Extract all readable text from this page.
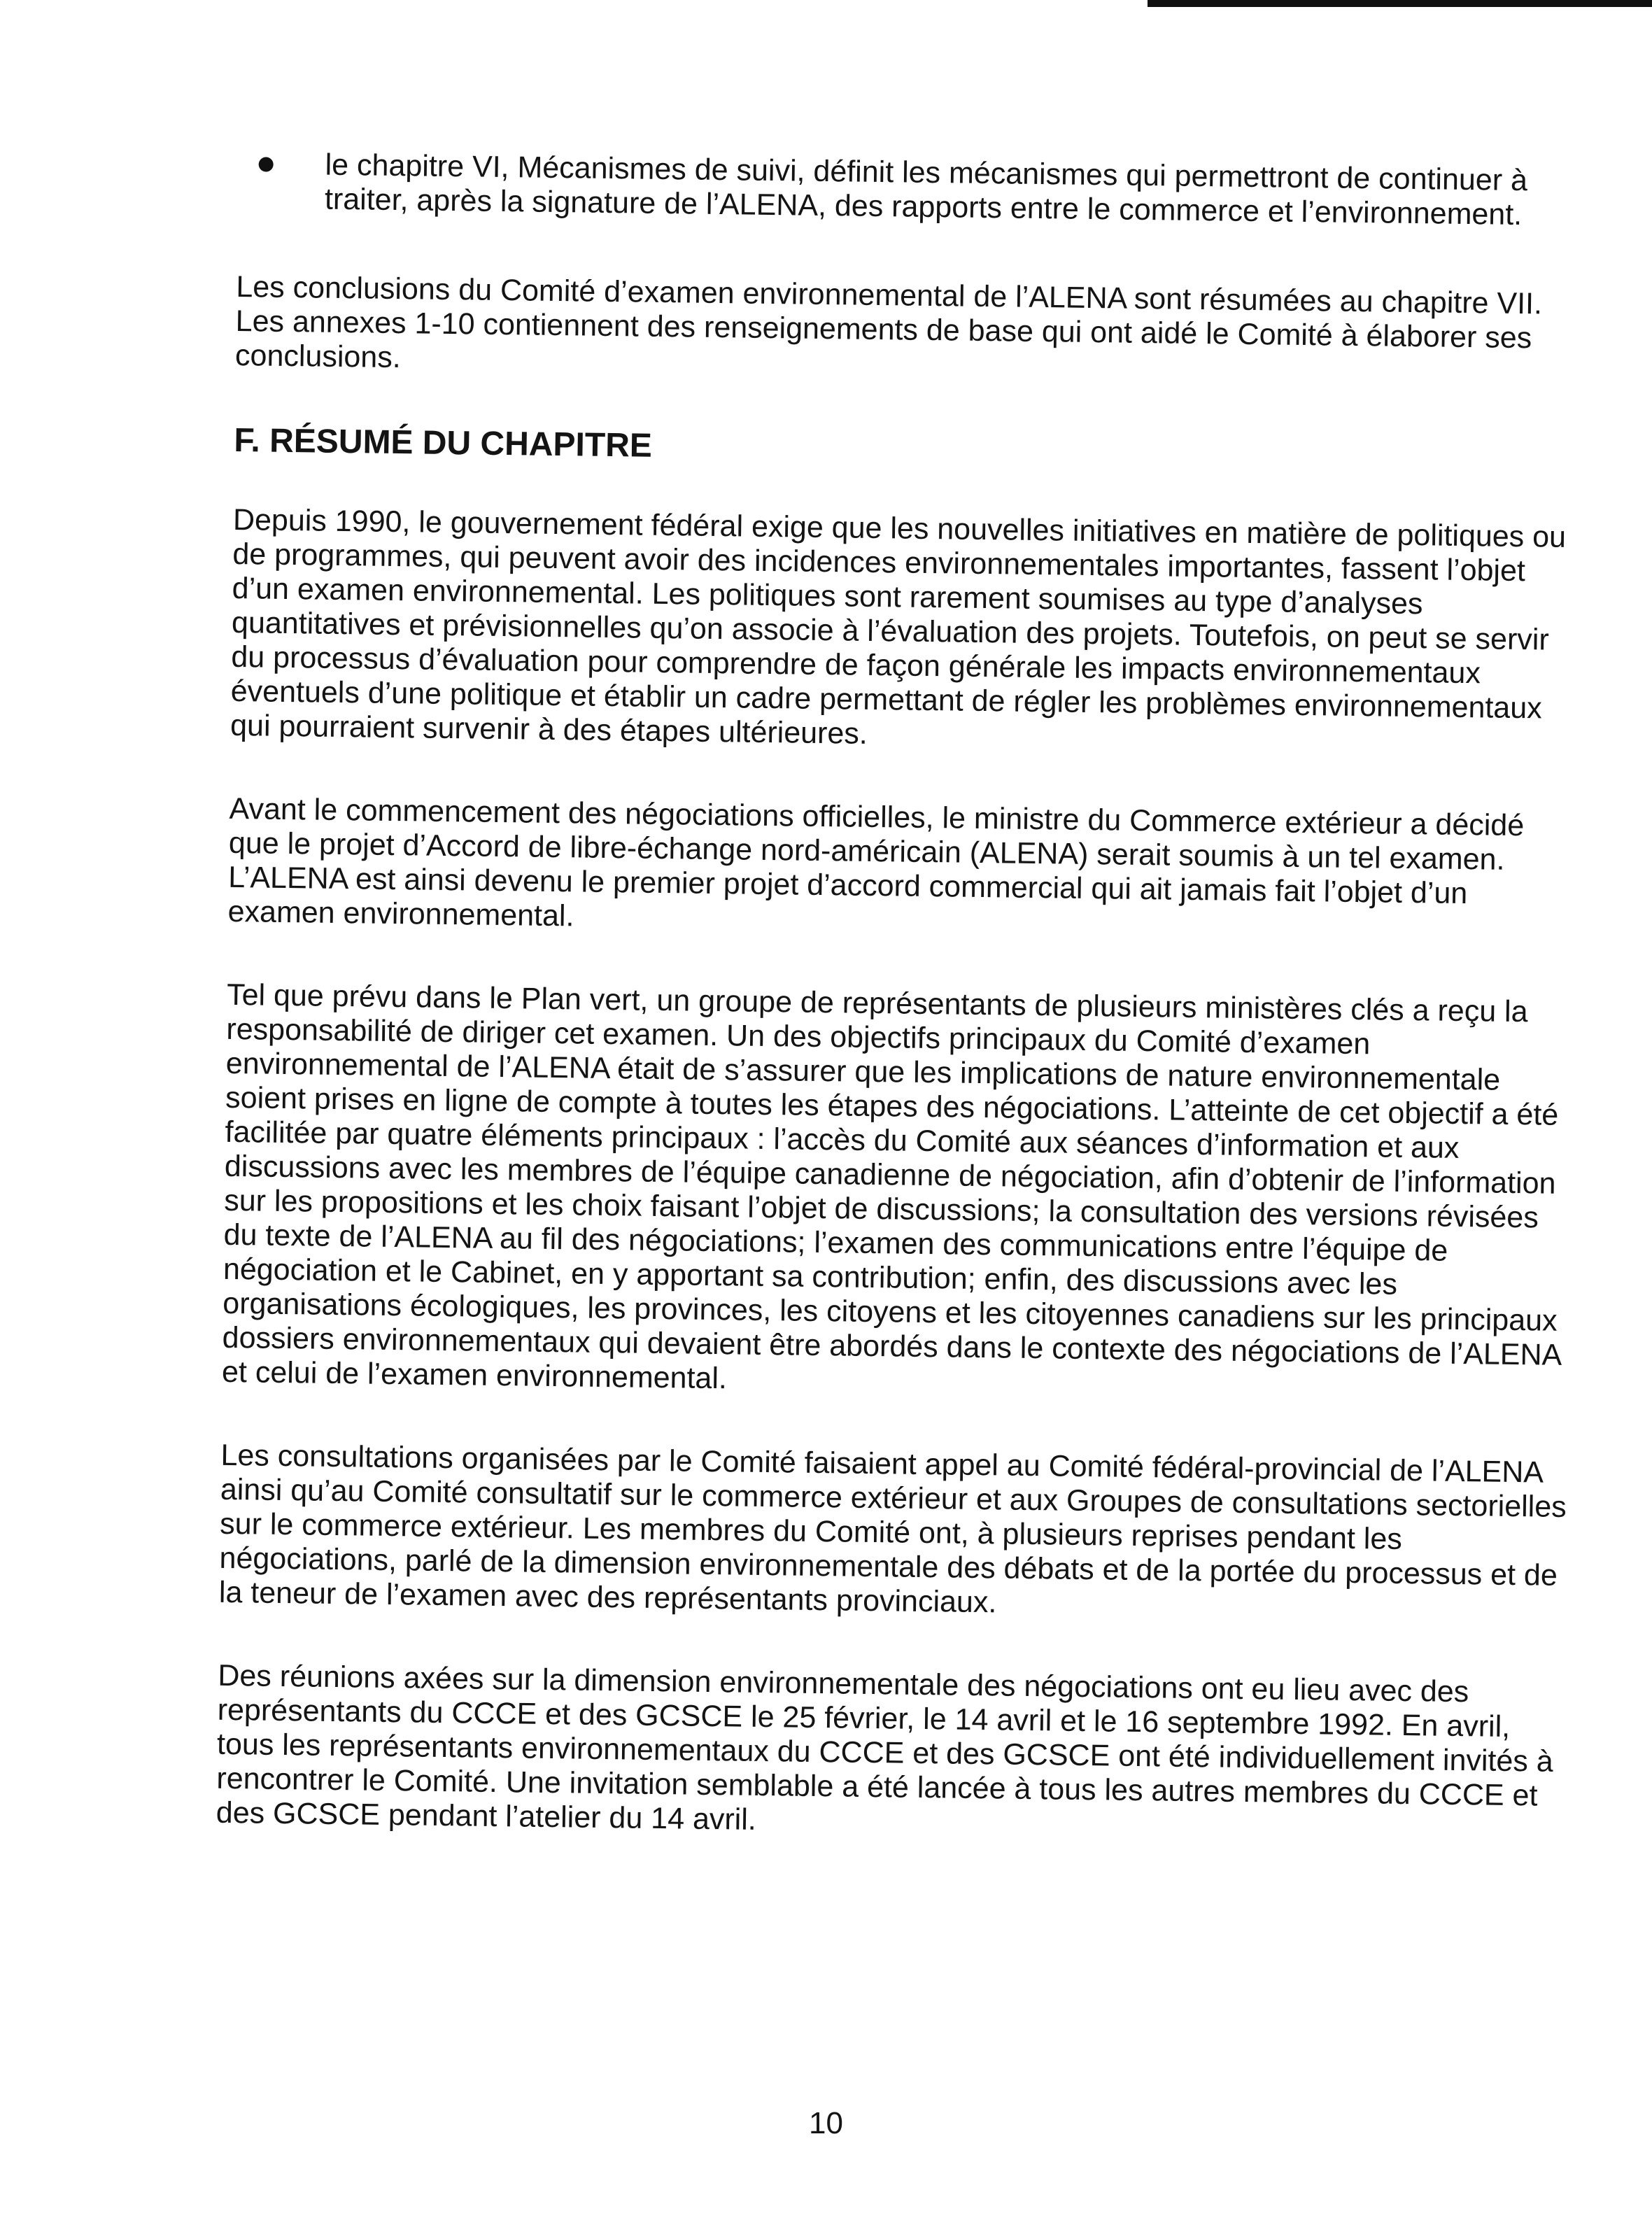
le chapitre VI, Mécanismes de suivi, définit les mécanismes qui permettront de continuer à traiter, après la signature de l’ALENA, des rapports entre le commerce et l’environnement.

Les conclusions du Comité d’examen environnemental de l’ALENA sont résumées au chapitre VII. Les annexes 1-10 contiennent des renseignements de base qui ont aidé le Comité à élaborer ses conclusions.

F. RÉSUMÉ DU CHAPITRE

Depuis 1990, le gouvernement fédéral exige que les nouvelles initiatives en matière de politiques ou de programmes, qui peuvent avoir des incidences environnementales importantes, fassent l’objet d’un examen environnemental. Les politiques sont rarement soumises au type d’analyses quantitatives et prévisionnelles qu’on associe à l’évaluation des projets. Toutefois, on peut se servir du processus d’évaluation pour comprendre de façon générale les impacts environnementaux éventuels d’une politique et établir un cadre permettant de régler les problèmes environnementaux qui pourraient survenir à des étapes ultérieures.

Avant le commencement des négociations officielles, le ministre du Commerce extérieur a décidé que le projet d’Accord de libre-échange nord-américain (ALENA) serait soumis à un tel examen. L’ALENA est ainsi devenu le premier projet d’accord commercial qui ait jamais fait l’objet d’un examen environnemental.

Tel que prévu dans le Plan vert, un groupe de représentants de plusieurs ministères clés a reçu la responsabilité de diriger cet examen. Un des objectifs principaux du Comité d’examen environnemental de l’ALENA était de s’assurer que les implications de nature environnementale soient prises en ligne de compte à toutes les étapes des négociations. L’atteinte de cet objectif a été facilitée par quatre éléments principaux : l’accès du Comité aux séances d’information et aux discussions avec les membres de l’équipe canadienne de négociation, afin d’obtenir de l’information sur les propositions et les choix faisant l’objet de discussions; la consultation des versions révisées du texte de l’ALENA au fil des négociations; l’examen des communications entre l’équipe de négociation et le Cabinet, en y apportant sa contribution; enfin, des discussions avec les organisations écologiques, les provinces, les citoyens et les citoyennes canadiens sur les principaux dossiers environnementaux qui devaient être abordés dans le contexte des négociations de l’ALENA et celui de l’examen environnemental.

Les consultations organisées par le Comité faisaient appel au Comité fédéral-provincial de l’ALENA ainsi qu’au Comité consultatif sur le commerce extérieur et aux Groupes de consultations sectorielles sur le commerce extérieur. Les membres du Comité ont, à plusieurs reprises pendant les négociations, parlé de la dimension environnementale des débats et de la portée du processus et de la teneur de l’examen avec des représentants provinciaux.

Des réunions axées sur la dimension environnementale des négociations ont eu lieu avec des représentants du CCCE et des GCSCE le 25 février, le 14 avril et le 16 septembre 1992. En avril, tous les représentants environnementaux du CCCE et des GCSCE ont été individuellement invités à rencontrer le Comité. Une invitation semblable a été lancée à tous les autres membres du CCCE et des GCSCE pendant l’atelier du 14 avril.

10
